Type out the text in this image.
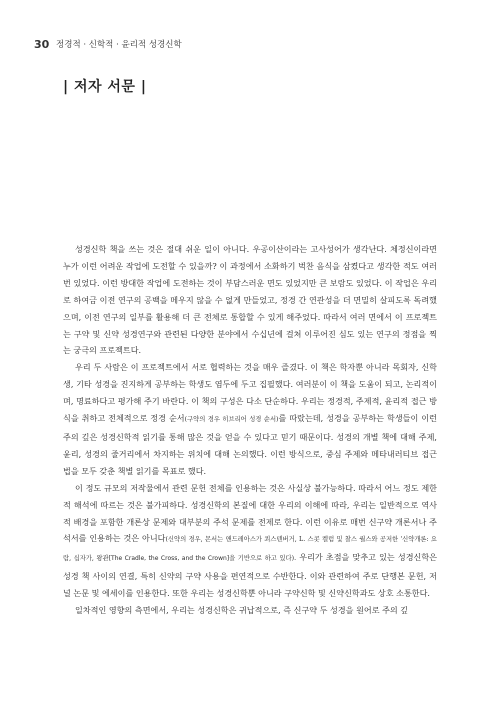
30 정경적 · 신학적 · 윤리적 성경신학
| 저자 서문 |

성경신학 책을 쓰는 것은 절대 쉬운 일이 아니다. 우공이산이라는 고사성어가 생각난다. 체정신이라면 누가 이런 어려운 작업에 도전할 수 있을까? 이 과정에서 소화하기 벅찬 음식을 삼켰다고 생각한 적도 여러 번 있었다. 이런 방대한 작업에 도전하는 것이 부담스러운 면도 있었지만 큰 보람도 있었다. 이 작업은 우리로 하여금 이전 연구의 공백을 메우지 않을 수 없게 만들었고, 정경 간 연관성을 더 면밀히 살피도록 독려했으며, 이전 연구의 일부를 활용해 더 큰 전체로 통합할 수 있게 해주었다. 따라서 여러 면에서 이 프로젝트는 구약 및 신약 성경연구와 관련된 다양한 분야에서 수십년에 걸쳐 이루어진 심도 있는 연구의 정점을 찍는 궁극의 프로젝트다.

우리 두 사람은 이 프로젝트에서 서로 협력하는 것을 매우 즐겼다. 이 책은 학자뿐 아니라 목회자, 신학생, 기타 성경을 진지하게 공부하는 학생도 염두에 두고 집필했다. 여러분이 이 책을 도움이 되고, 논리적이며, 명료하다고 평가해 주기 바란다. 이 책의 구성은 다소 단순하다. 우리는 정경적, 주제적, 윤리적 접근 방식을 취하고 전체적으로 정경 순서(구약의 경우 히브리어 성경 순서)를 따랐는데, 성경을 공부하는 학생들이 이런 주의 깊은 성경신학적 읽기를 통해 많은 것을 얻을 수 있다고 믿기 때문이다. 성경의 개별 책에 대해 주제, 윤리, 성경의 줄거리에서 차지하는 위치에 대해 논의했다. 이런 방식으로, 중심 주제와 메타내러티브 접근법을 모두 갖춘 책별 읽기를 목표로 했다.

이 정도 규모의 저작물에서 관련 문헌 전체를 인용하는 것은 사실상 불가능하다. 따라서 어느 정도 제한적 해석에 따르는 것은 불가피하다. 성경신학의 본질에 대한 우리의 이해에 따라, 우리는 일반적으로 역사적 배경을 포함한 개론상 문제와 대부분의 주석 문제를 전제로 한다. 이런 이유로 매번 신구약 개론서나 주석서를 인용하는 것은 아니다(신약의 경우, 몬서는 앤드레아스가 쾨스텐버거, L. 스콧 켈럼 및 찰스 퀄스와 공저한 '신약개론: 요람, 십자가, 왕관[The Cradle, the Cross, and the Crown]을 기반으로 하고 있다). 우리가 초점을 맞추고 있는 성경신학은 성경 책 사이의 연결, 특히 신약의 구약 사용을 편연적으로 수반한다. 이와 관련하여 주로 단행본 문헌, 저널 논문 및 에세이를 인용한다. 또한 우리는 성경신학뿐 아니라 구약신학 및 신약신학과도 상호 소통한다.

일차적인 영향의 측면에서, 우리는 성경신학은 귀납적으로, 즉 신구약 두 성경을 원어로 주의 깊
